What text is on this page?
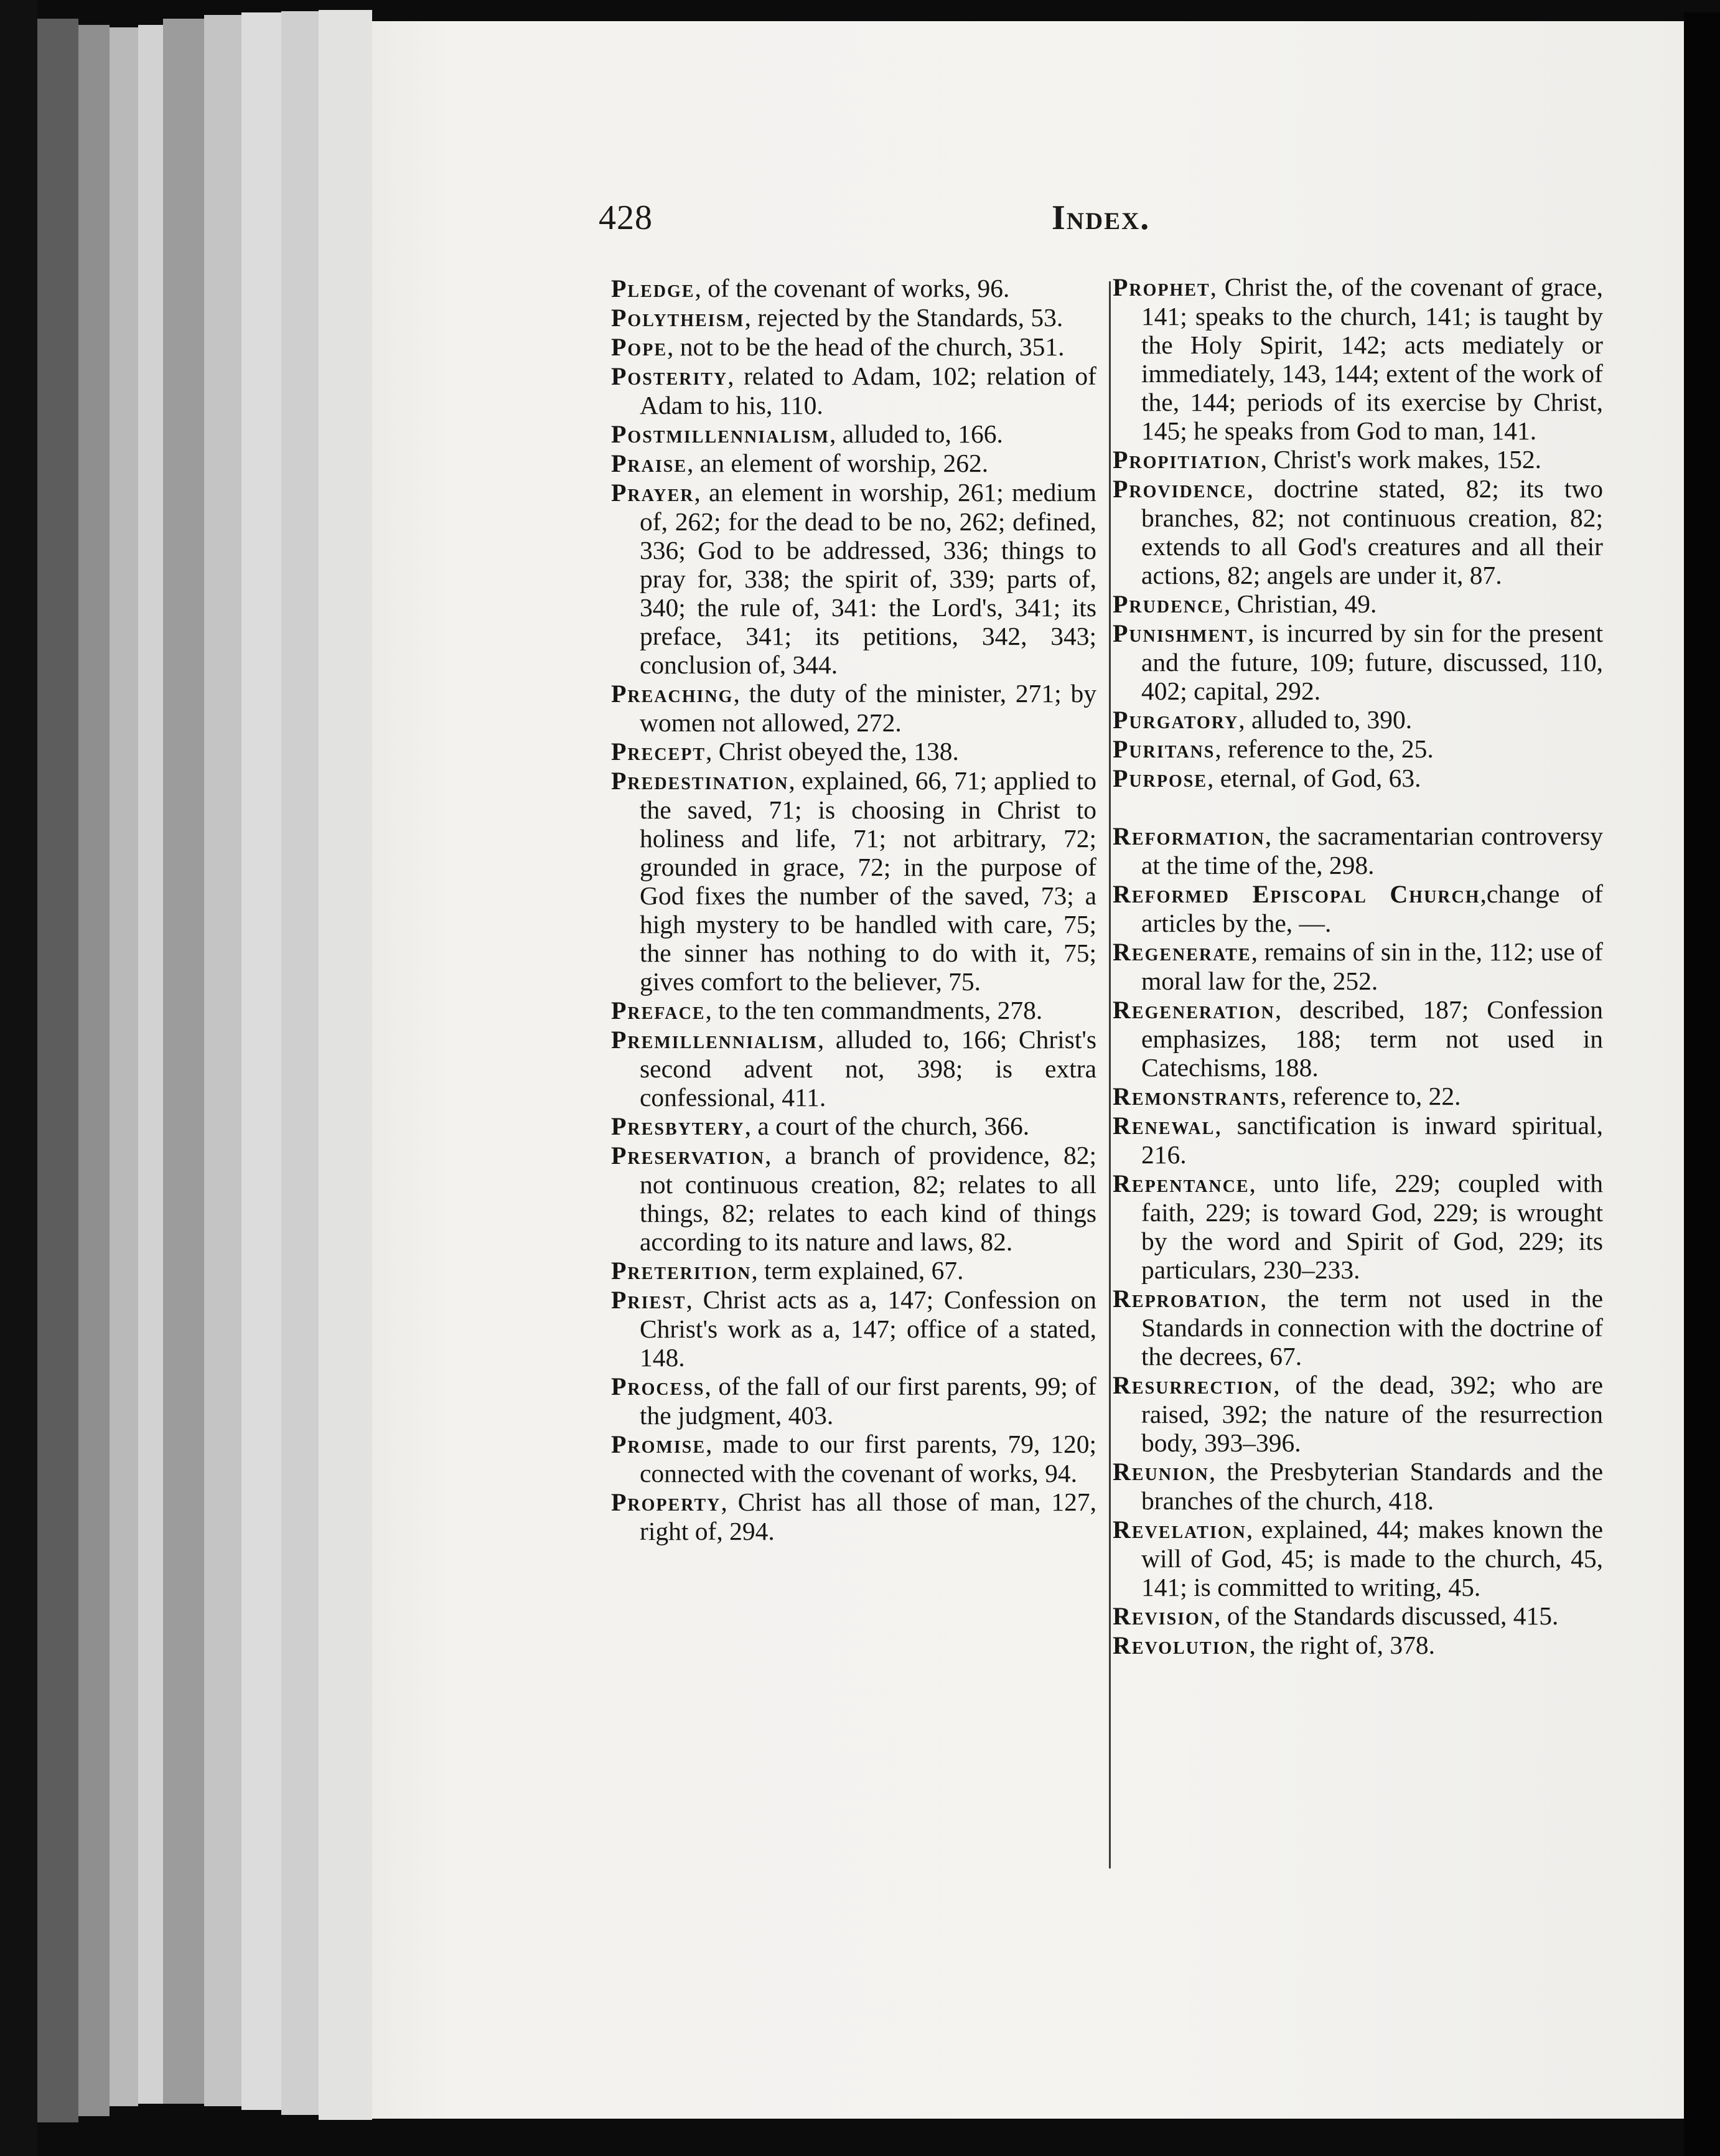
428	Index.

Pledge, of the covenant of works, 96.

Polytheism, rejected by the Standards, 53.

Pope, not to be the head of the church, 351.

Posterity, related to Adam, 102; relation of Adam to his, 110.

Postmillennialism, alluded to, 166.

Praise, an element of worship, 262.

Prayer, an element in worship, 261; medium of, 262; for the dead to be no, 262; defined, 336; God to be addressed, 336; things to pray for, 338; the spirit of, 339; parts of, 340; the rule of, 341: the Lord's, 341; its preface, 341; its petitions, 342, 343; conclusion of, 344.

Preaching, the duty of the minister, 271; by women not allowed, 272.

Precept, Christ obeyed the, 138.

Predestination, explained, 66, 71; applied to the saved, 71; is choosing in Christ to holiness and life, 71; not arbitrary, 72; grounded in grace, 72; in the purpose of God fixes the number of the saved, 73; a high mystery to be handled with care, 75; the sinner has nothing to do with it, 75; gives comfort to the believer, 75.

Preface, to the ten commandments, 278.

Premillennialism, alluded to, 166; Christ's second advent not, 398; is extra confessional, 411.

Presbytery, a court of the church, 366.

Preservation, a branch of providence, 82; not continuous creation, 82; relates to all things, 82; relates to each kind of things according to its nature and laws, 82.

Preterition, term explained, 67.

Priest, Christ acts as a, 147; Confession on Christ's work as a, 147; office of a stated, 148.

Process, of the fall of our first parents, 99; of the judgment, 403.

Promise, made to our first parents, 79, 120; connected with the covenant of works, 94.

Property, Christ has all those of man, 127, right of, 294.

Prophet, Christ the, of the covenant of grace, 141; speaks to the church, 141; is taught by the Holy Spirit, 142; acts mediately or immediately, 143, 144; extent of the work of the, 144; periods of its exercise by Christ, 145; he speaks from God to man, 141.

Propitiation, Christ's work makes, 152.

Providence, doctrine stated, 82; its two branches, 82; not continuous creation, 82; extends to all God's creatures and all their actions, 82; angels are under it, 87.

Prudence, Christian, 49.

Punishment, is incurred by sin for the present and the future, 109; future, discussed, 110, 402; capital, 292.

Purgatory, alluded to, 390.

Puritans, reference to the, 25.

Purpose, eternal, of God, 63.

Reformation, the sacramentarian controversy at the time of the, 298.

Reformed Episcopal Church,change of articles by the, —.

Regenerate, remains of sin in the, 112; use of moral law for the, 252.

Regeneration, described, 187; Confession emphasizes, 188; term not used in Catechisms, 188.

Remonstrants, reference to, 22.

Renewal, sanctification is inward spiritual, 216.

Repentance, unto life, 229; coupled with faith, 229; is toward God, 229; is wrought by the word and Spirit of God, 229; its particulars, 230–233.

Reprobation, the term not used in the Standards in connection with the doctrine of the decrees, 67.

Resurrection, of the dead, 392; who are raised, 392; the nature of the resurrection body, 393–396.

Reunion, the Presbyterian Standards and the branches of the church, 418.

Revelation, explained, 44; makes known the will of God, 45; is made to the church, 45, 141; is committed to writing, 45.

Revision, of the Standards discussed, 415.

Revolution, the right of, 378.
